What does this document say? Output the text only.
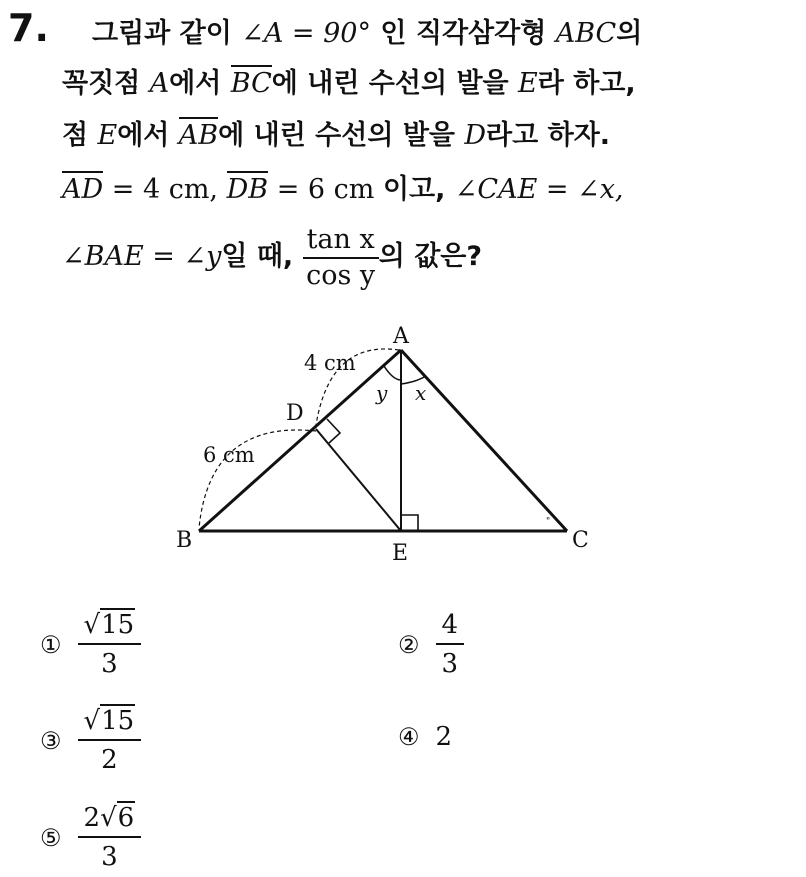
7.	그림과 같이 ∠A = 90° 인 직각삼각형 ABC의
꼭짓점 A에서 BC에 내린 수선의 발을 E라 하고,
점 E에서 AB에 내린 수선의 발을 D라고 하자.
AD = 4 cm, DB = 6 cm 이고, ∠CAE = ∠x,
∠BAE = ∠y일 때, $\frac{\text{tan x}}{\text{cos y}}$ 의 값은?
"
A
B	C
D
E
4 cm
6 cm
y x
① $\frac{√15}{3}$	② $\frac{4}{3}$
③ $\frac{√15}{2}$	④ 2
⑤ $\frac{2√6}{3}$
